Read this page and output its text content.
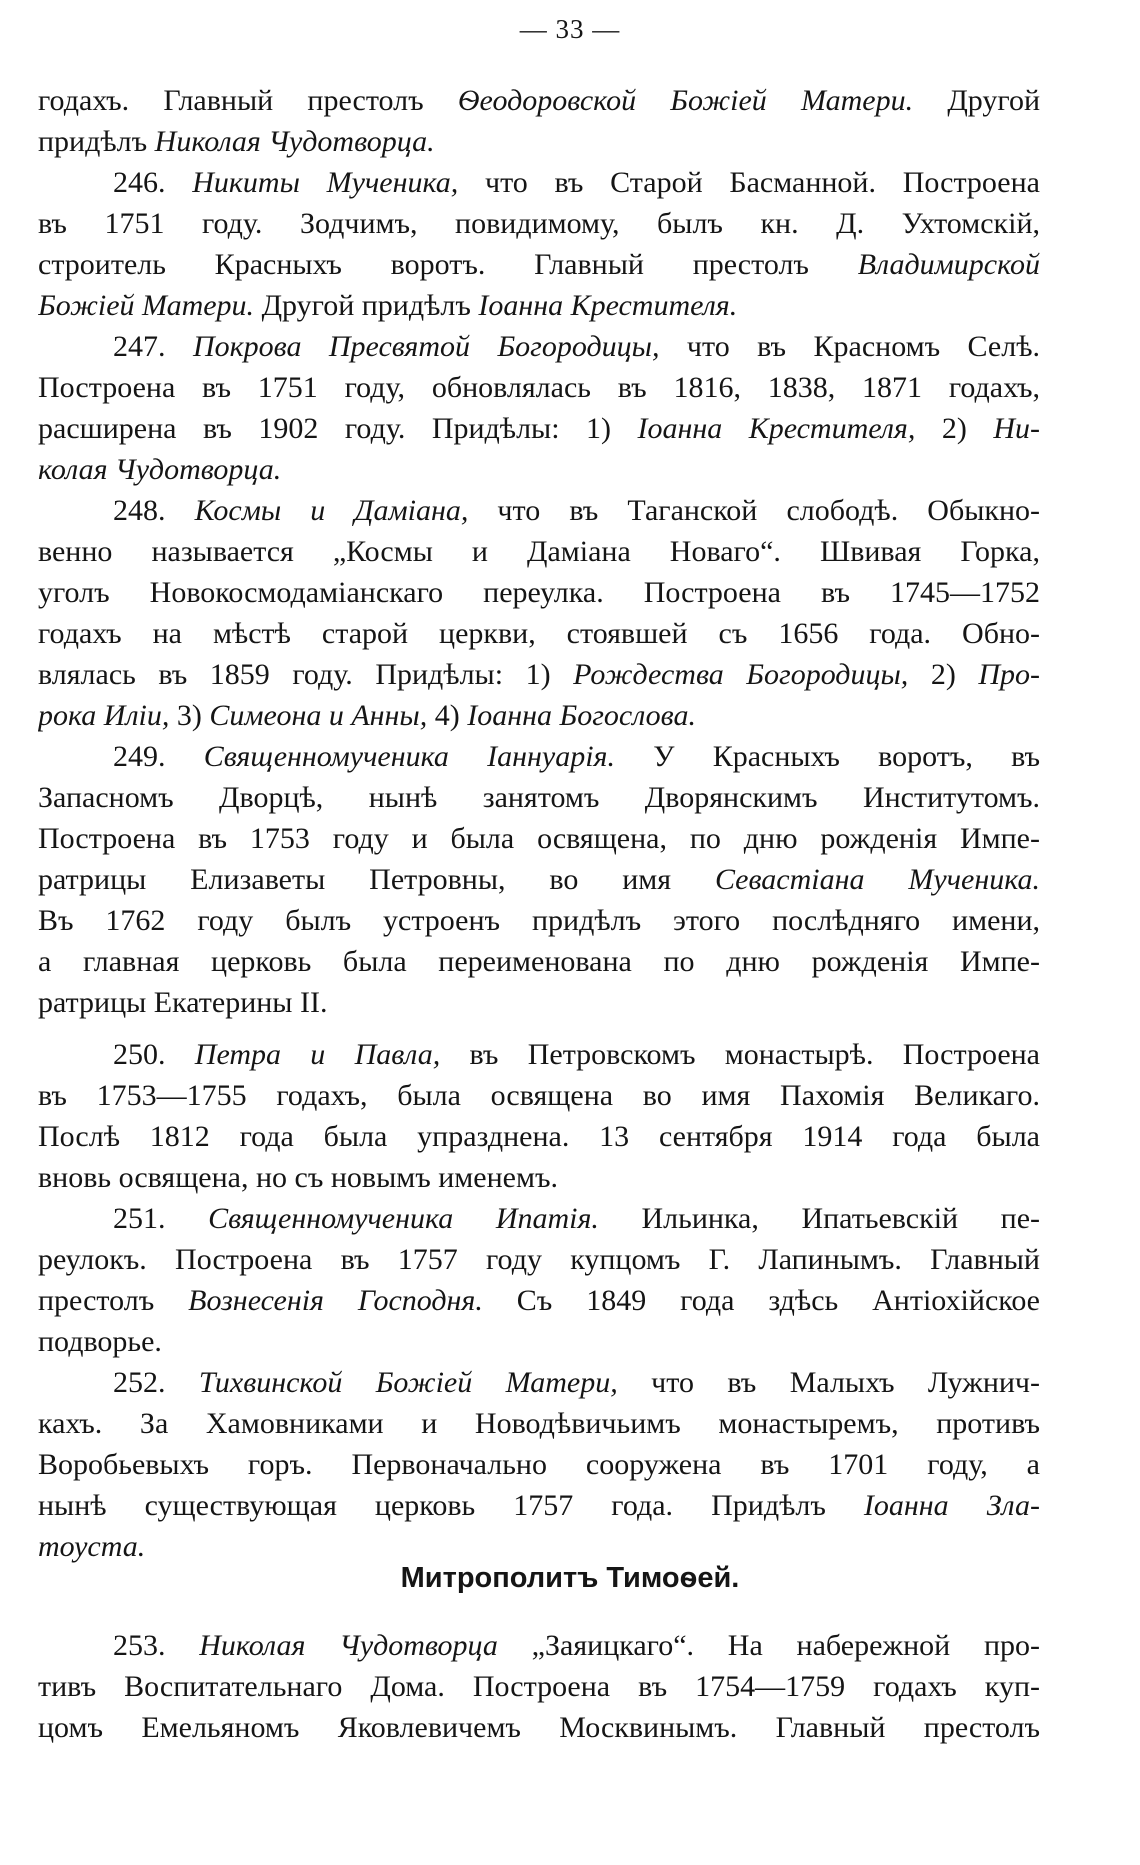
— 33 —
годахъ. Главный престолъ Ѳеодоровской Божіей Матери. Другой
придѣлъ Николая Чудотворца.
246. Никиты Мученика, что въ Старой Басманной. Построена
въ 1751 году. Зодчимъ, повидимому, былъ кн. Д. Ухтомскій,
строитель Красныхъ воротъ. Главный престолъ Владимирской
Божіей Матери. Другой придѣлъ Іоанна Крестителя.
247. Покрова Пресвятой Богородицы, что въ Красномъ Селѣ.
Построена въ 1751 году, обновлялась въ 1816, 1838, 1871 годахъ,
расширена въ 1902 году. Придѣлы: 1) Іоанна Крестителя, 2) Ни-
колая Чудотворца.
248. Космы и Даміана, что въ Таганской слободѣ. Обыкно-
венно называется „Космы и Даміана Новаго“. Швивая Горка,
уголъ Новокосмодаміанскаго переулка. Построена въ 1745—1752
годахъ на мѣстѣ старой церкви, стоявшей съ 1656 года. Обно-
влялась въ 1859 году. Придѣлы: 1) Рождества Богородицы, 2) Про-
рока Иліи, 3) Симеона и Анны, 4) Іоанна Богослова.
249. Священномученика Іаннуарія. У Красныхъ воротъ, въ
Запасномъ Дворцѣ, нынѣ занятомъ Дворянскимъ Институтомъ.
Построена въ 1753 году и была освящена, по дню рожденія Импе-
ратрицы Елизаветы Петровны, во имя Севастіана Мученика.
Въ 1762 году былъ устроенъ придѣлъ этого послѣдняго имени,
а главная церковь была переименована по дню рожденія Импе-
ратрицы Екатерины II.
250. Петра и Павла, въ Петровскомъ монастырѣ. Построена
въ 1753—1755 годахъ, была освящена во имя Пахомія Великаго.
Послѣ 1812 года была упразднена. 13 сентября 1914 года была
вновь освящена, но съ новымъ именемъ.
251. Священномученика Ипатія. Ильинка, Ипатьевскій пе-
реулокъ. Построена въ 1757 году купцомъ Г. Лапинымъ. Главный
престолъ Вознесенія Господня. Съ 1849 года здѣсь Антіохійское
подворье.
252. Тихвинской Божіей Матери, что въ Малыхъ Лужнич-
кахъ. За Хамовниками и Новодѣвичьимъ монастыремъ, противъ
Воробьевыхъ горъ. Первоначально сооружена въ 1701 году, а
нынѣ существующая церковь 1757 года. Придѣлъ Іоанна Зла-
тоуста.
Митрополитъ Тимоѳей.
253. Николая Чудотворца „Заяицкаго“. На набережной про-
тивъ Воспитательнаго Дома. Построена въ 1754—1759 годахъ куп-
цомъ Емельяномъ Яковлевичемъ Москвинымъ. Главный престолъ
